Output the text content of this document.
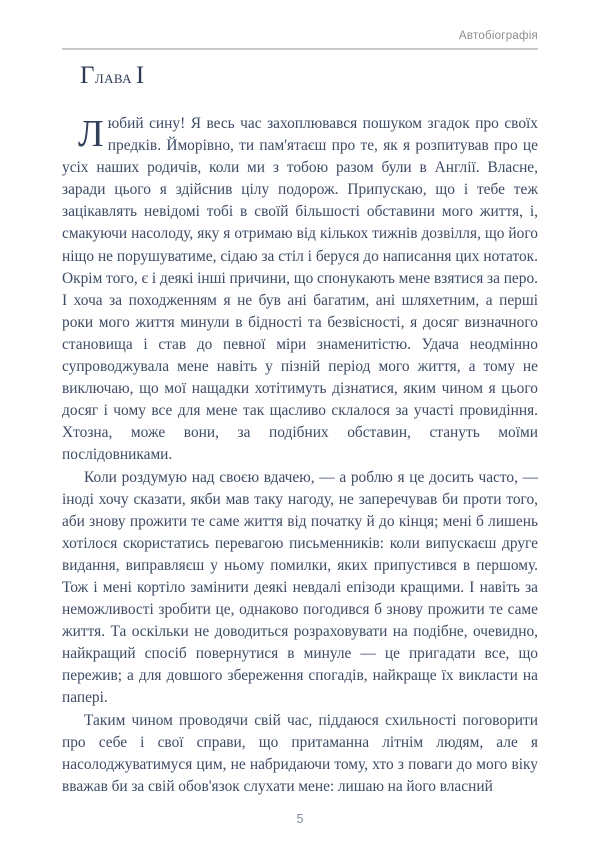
Автобіографія
Глава I

Любий сину! Я весь час захоплювався пошуком згадок про своїх предків. Йморівно, ти пам'ятаєш про те, як я розпитував про це усіх наших родичів, коли ми з тобою разом були в Англії. Власне, заради цього я здійснив цілу подорож. Припускаю, що і тебе теж зацікавлять невідомі тобі в своїй більшості обставини мого життя, і, смакуючи насолоду, яку я отримаю від кількох тижнів дозвілля, що його ніщо не порушуватиме, сідаю за стіл і беруся до написання цих нотаток. Окрім того, є і деякі інші причини, що спонукають мене взятися за перо. І хоча за походженням я не був ані багатим, ані шляхетним, а перші роки мого життя минули в бідності та безвісності, я досяг визначного становища і став до певної міри знаменитістю. Удача неодмінно супроводжувала мене навіть у пізній період мого життя, а тому не виключаю, що мої нащадки хотітимуть дізнатися, яким чином я цього досяг і чому все для мене так щасливо склалося за участі провидіння. Хтозна, може вони, за подібних обставин, стануть моїми послідовниками.

Коли роздумую над своєю вдачею, — а роблю я це досить часто, — іноді хочу сказати, якби мав таку нагоду, не заперечував би проти того, аби знову прожити те саме життя від початку й до кінця; мені б лишень хотілося скористатись перевагою письменників: коли випускаєш друге видання, виправляєш у ньому помилки, яких припустився в першому. Тож і мені кортіло замінити деякі невдалі епізоди кращими. І навіть за неможливості зробити це, однаково погодився б знову прожити те саме життя. Та оскільки не доводиться розраховувати на подібне, очевидно, найкращий спосіб повернутися в минуле — це пригадати все, що пережив; а для довшого збереження спогадів, найкраще їх викласти на папері.

Таким чином проводячи свій час, піддаюся схильності поговорити про себе і свої справи, що притаманна літнім людям, але я насолоджуватимуся цим, не набридаючи тому, хто з поваги до мого віку вважав би за свій обов'язок слухати мене: лишаю на його власний

5
